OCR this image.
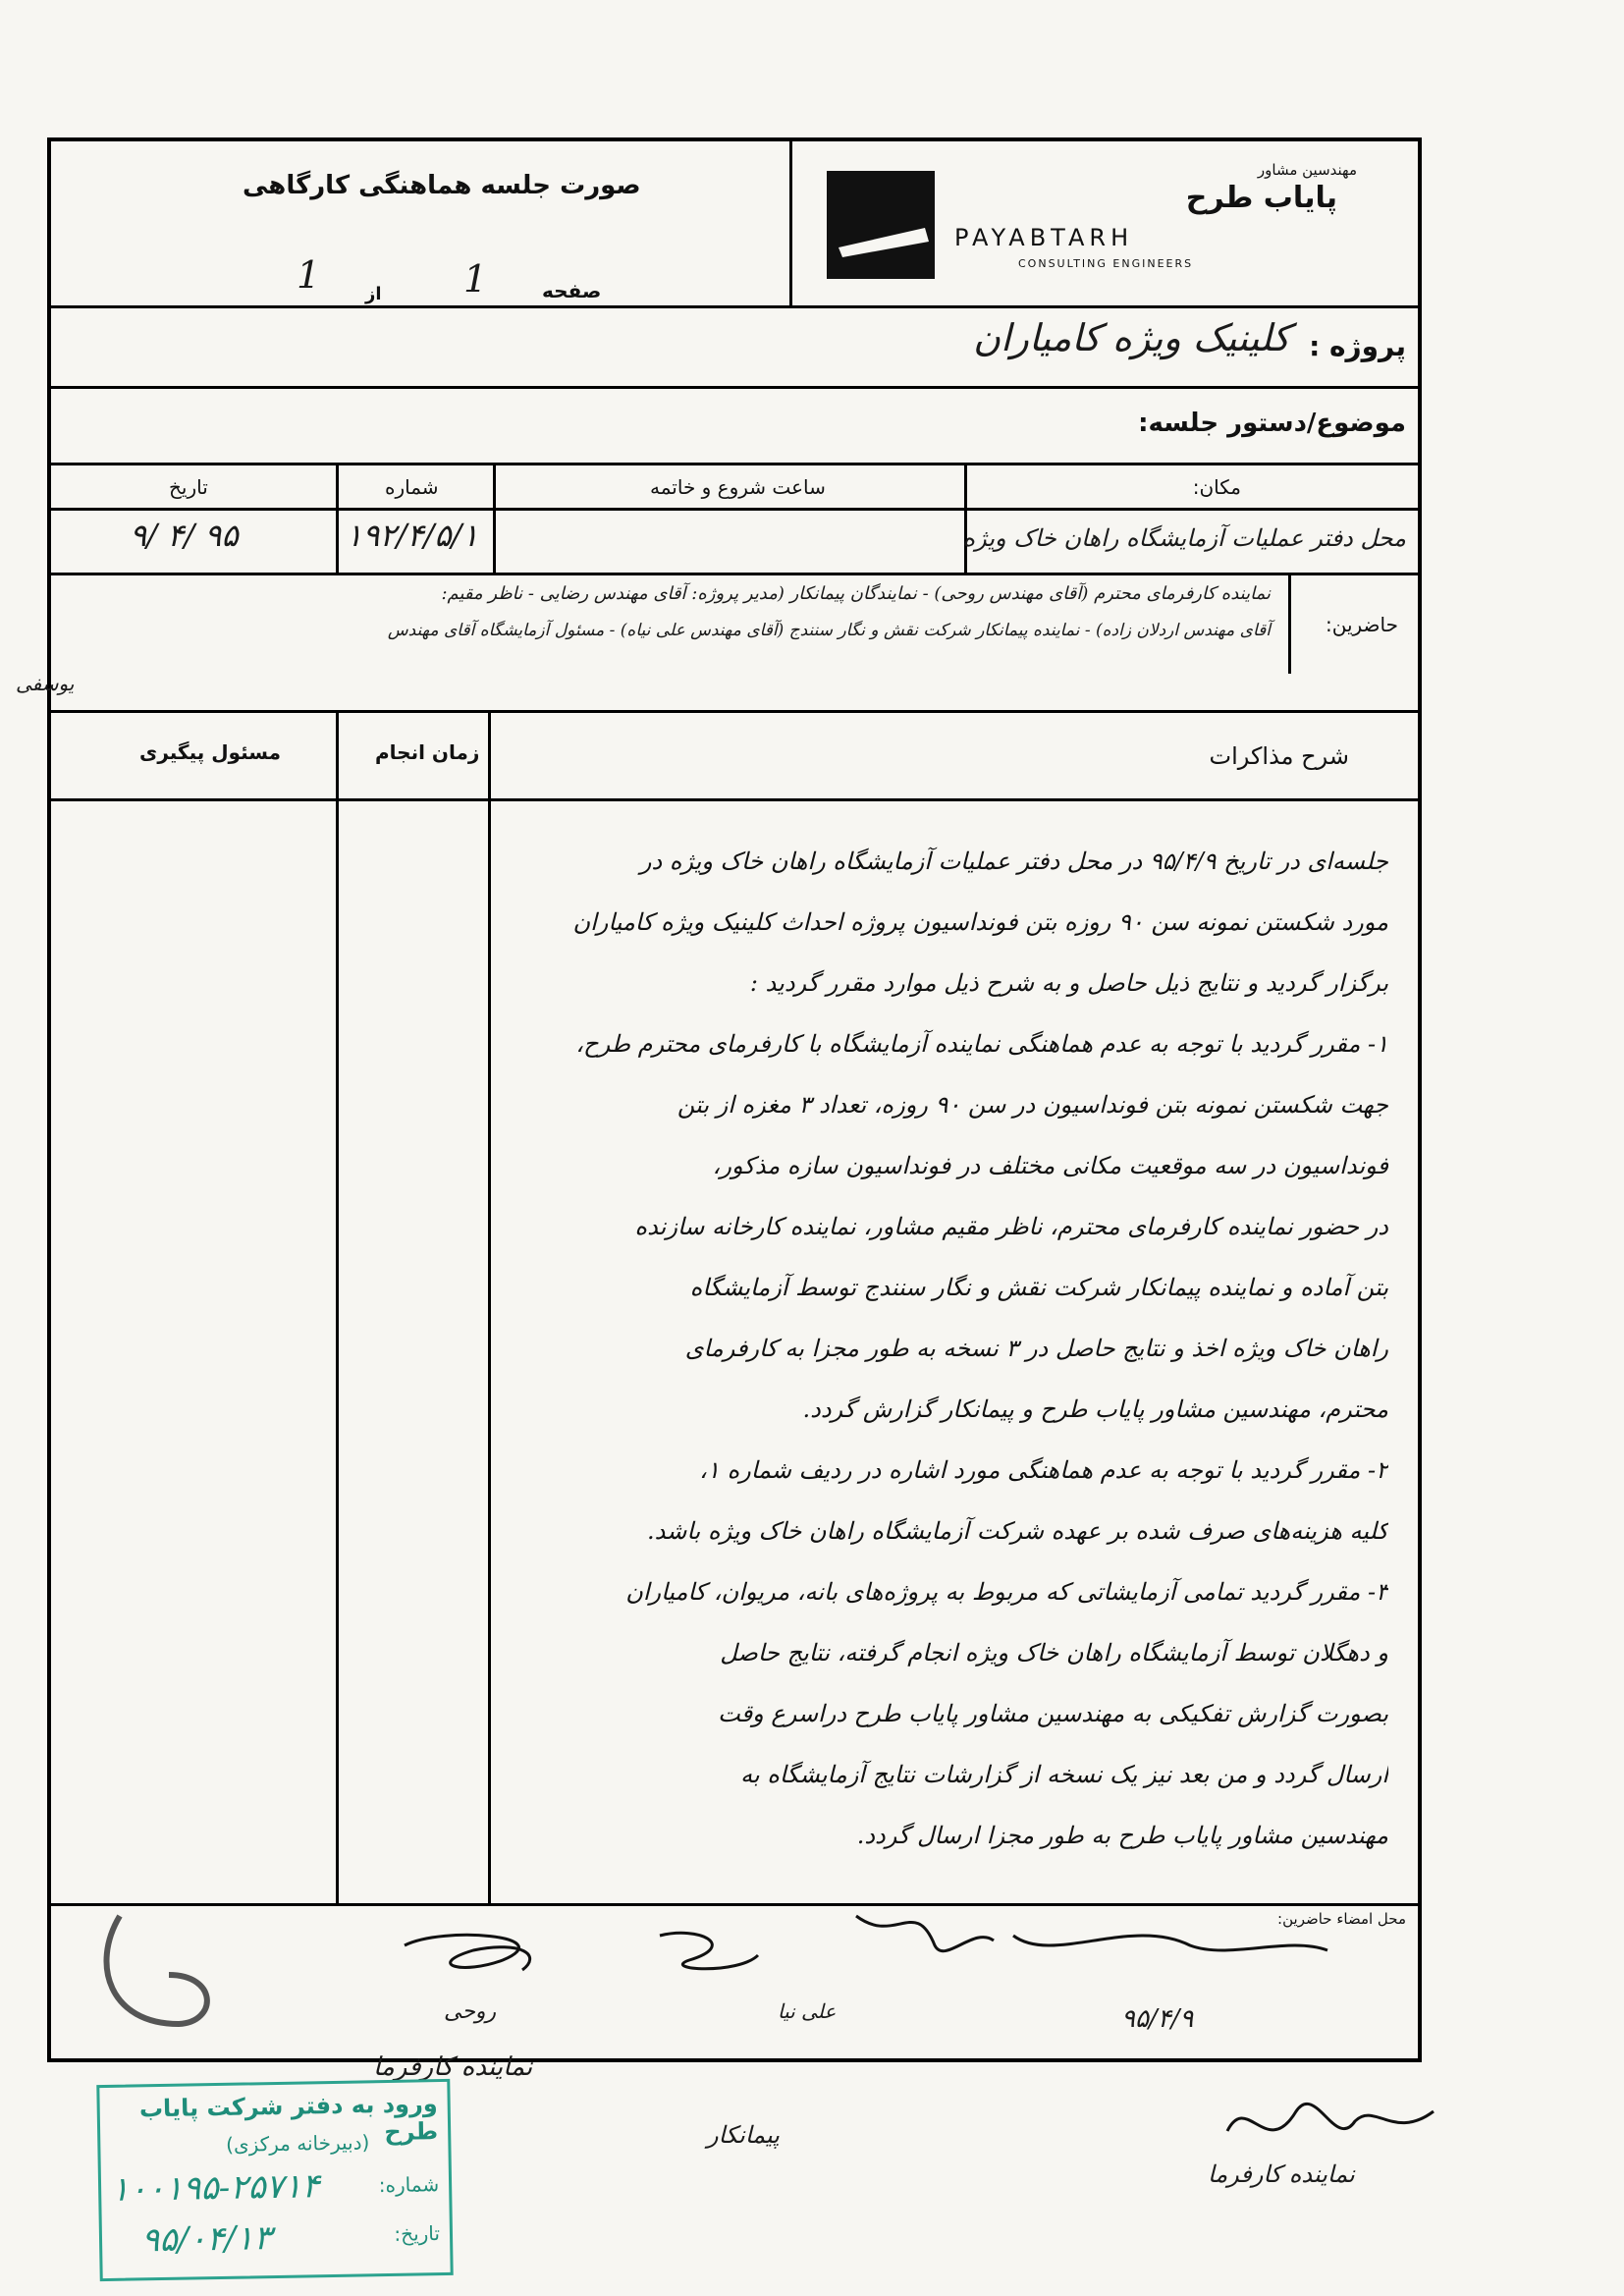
مهندسین مشاور
پایاب طرح
PAYABTARH
CONSULTING ENGINEERS
صورت جلسه هماهنگی کارگاهی
صفحه
1
از
1
پروژه :
کلینیک ویژه کامیاران
موضوع/دستور جلسه:
مکان:
ساعت شروع و خاتمه
شماره
تاریخ
محل دفتر عملیات آزمایشگاه راهان خاک ویژه
۱۹۲/۴/۵/۱
۹۵ /۴ /۹
حاضرین:
نماینده کارفرمای محترم (آقای مهندس روحی) - نمایندگان پیمانکار (مدیر پروژه: آقای مهندس رضایی - ناظر مقیم:
آقای مهندس اردلان زاده) - نماینده پیمانکار شرکت نقش و نگار سنندج (آقای مهندس علی نیاه) - مسئول آزمایشگاه آقای مهندس
یوسفی
شرح مذاکرات
زمان انجام
مسئول پیگیری
جلسه‌ای در تاریخ ۹۵/۴/۹ در محل دفتر عملیات آزمایشگاه راهان خاک ویژه در
مورد شکستن نمونه سن ۹۰ روزه بتن فونداسیون پروژه احداث کلینیک ویژه کامیاران
برگزار گردید و نتایج ذیل حاصل و به شرح ذیل موارد مقرر گردید :
۱- مقرر گردید با توجه به عدم هماهنگی نماینده آزمایشگاه با کارفرمای محترم طرح،
جهت شکستن نمونه بتن فونداسیون در سن ۹۰ روزه، تعداد ۳ مغزه از بتن
فونداسیون در سه موقعیت مکانی مختلف در فونداسیون سازه مذکور،
در حضور نماینده کارفرمای محترم، ناظر مقیم مشاور، نماینده کارخانه سازنده
بتن آماده و نماینده پیمانکار شرکت نقش و نگار سنندج توسط آزمایشگاه
راهان خاک ویژه اخذ و نتایج حاصل در ۳ نسخه به طور مجزا به کارفرمای
محترم، مهندسین مشاور پایاب طرح و پیمانکار گزارش گردد.
۲- مقرر گردید با توجه به عدم هماهنگی مورد اشاره در ردیف شماره ۱،
کلیه هزینه‌های صرف شده بر عهده شرکت آزمایشگاه راهان خاک ویژه باشد.
۳- مقرر گردید تمامی آزمایشاتی که مربوط به پروژه‌های بانه، مریوان، کامیاران
و دهگلان توسط آزمایشگاه راهان خاک ویژه انجام گرفته، نتایج حاصل
بصورت گزارش تفکیکی به مهندسین مشاور پایاب طرح دراسرع وقت
ارسال گردد و من بعد نیز یک نسخه از گزارشات نتایج آزمایشگاه به
مهندسین مشاور پایاب طرح به طور مجزا ارسال گردد.
محل امضاء حاضرین:
روحی	علی نیا	۹۵/۴/۹
نماینده کارفرما
پیمانکار
نماینده کارفرما
ورود به دفتر شرکت پایاب طرح
(دبیرخانه مرکزی)
شماره:
۱۰۰۱۹۵-۲۵۷۱۴
تاریخ:
۹۵/۰۴/۱۳
